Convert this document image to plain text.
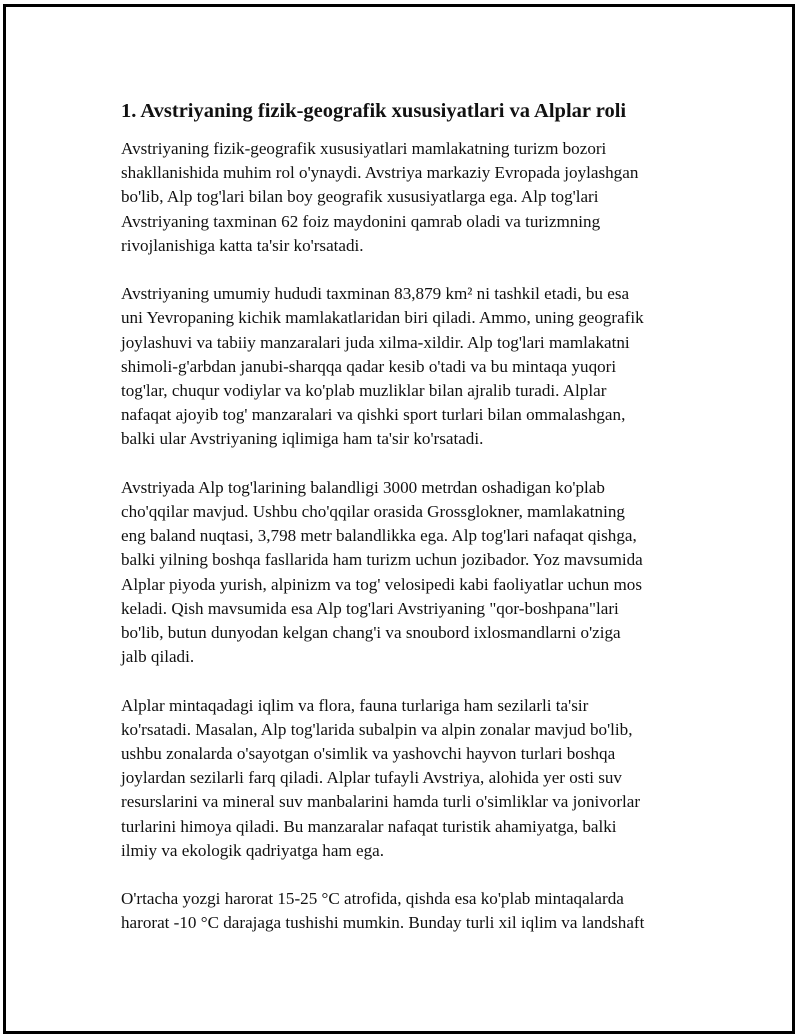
1. Avstriyaning fizik-geografik xususiyatlari va Alplar roli
Avstriyaning fizik-geografik xususiyatlari mamlakatning turizm bozori
shakllanishida muhim rol o'ynaydi. Avstriya markaziy Evropada joylashgan
bo'lib, Alp tog'lari bilan boy geografik xususiyatlarga ega. Alp tog'lari
Avstriyaning taxminan 62 foiz maydonini qamrab oladi va turizmning
rivojlanishiga katta ta'sir ko'rsatadi.
Avstriyaning umumiy hududi taxminan 83,879 km² ni tashkil etadi, bu esa
uni Yevropaning kichik mamlakatlaridan biri qiladi. Ammo, uning geografik
joylashuvi va tabiiy manzaralari juda xilma-xildir. Alp tog'lari mamlakatni
shimoli-g'arbdan janubi-sharqqa qadar kesib o'tadi va bu mintaqa yuqori
tog'lar, chuqur vodiylar va ko'plab muzliklar bilan ajralib turadi. Alplar
nafaqat ajoyib tog' manzaralari va qishki sport turlari bilan ommalashgan,
balki ular Avstriyaning iqlimiga ham ta'sir ko'rsatadi.
Avstriyada Alp tog'larining balandligi 3000 metrdan oshadigan ko'plab
cho'qqilar mavjud. Ushbu cho'qqilar orasida Grossglokner, mamlakatning
eng baland nuqtasi, 3,798 metr balandlikka ega. Alp tog'lari nafaqat qishga,
balki yilning boshqa fasllarida ham turizm uchun jozibador. Yoz mavsumida
Alplar piyoda yurish, alpinizm va tog' velosipedi kabi faoliyatlar uchun mos
keladi. Qish mavsumida esa Alp tog'lari Avstriyaning "qor-boshpana"lari
bo'lib, butun dunyodan kelgan chang'i va snoubord ixlosmandlarni o'ziga
jalb qiladi.
Alplar mintaqadagi iqlim va flora, fauna turlariga ham sezilarli ta'sir
ko'rsatadi. Masalan, Alp tog'larida subalpin va alpin zonalar mavjud bo'lib,
ushbu zonalarda o'sayotgan o'simlik va yashovchi hayvon turlari boshqa
joylardan sezilarli farq qiladi. Alplar tufayli Avstriya, alohida yer osti suv
resurslarini va mineral suv manbalarini hamda turli o'simliklar va jonivorlar
turlarini himoya qiladi. Bu manzaralar nafaqat turistik ahamiyatga, balki
ilmiy va ekologik qadriyatga ham ega.
O'rtacha yozgi harorat 15-25 °C atrofida, qishda esa ko'plab mintaqalarda
harorat -10 °C darajaga tushishi mumkin. Bunday turli xil iqlim va landshaft
